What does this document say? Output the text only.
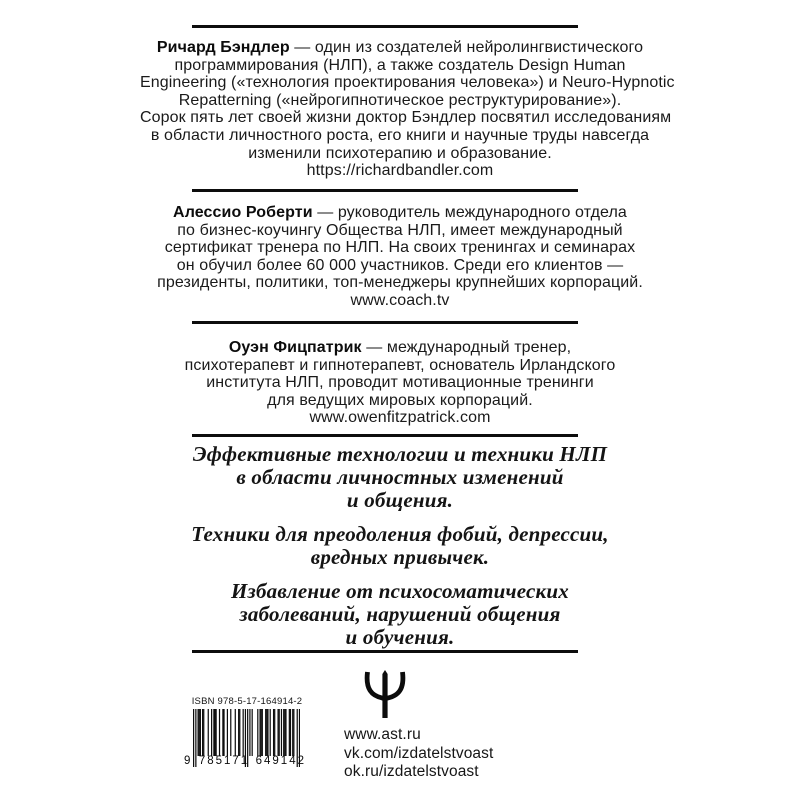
Ричард Бэндлер — один из создателей нейролингвистического
программирования (НЛП), а также создатель Design Human
Engineering («технология проектирования человека») и Neuro-Hypnotic
Repatterning («нейрогипнотическое реструктурирование»).
Сорок пять лет своей жизни доктор Бэндлер посвятил исследованиям
в области личностного роста, его книги и научные труды навсегда
изменили психотерапию и образование.
https://richardbandler.com
Алессио Роберти — руководитель международного отдела
по бизнес-коучингу Общества НЛП, имеет международный
сертификат тренера по НЛП. На своих тренингах и семинарах
он обучил более 60 000 участников. Среди его клиентов —
президенты, политики, топ-менеджеры крупнейших корпораций.
www.coach.tv
Оуэн Фицпатрик — международный тренер,
психотерапевт и гипнотерапевт, основатель Ирландского
института НЛП, проводит мотивационные тренинги
для ведущих мировых корпораций.
www.owenfitzpatrick.com
Эффективные технологии и техники НЛП
в области личностных изменений
и общения.
Техники для преодоления фобий, депрессии,
вредных привычек.
Избавление от психосоматических
заболеваний, нарушений общения
и обучения.
ISBN 978-5-17-164914-2
9 785171 649142
www.ast.ru
vk.com/izdatelstvoast
ok.ru/izdatelstvoast
